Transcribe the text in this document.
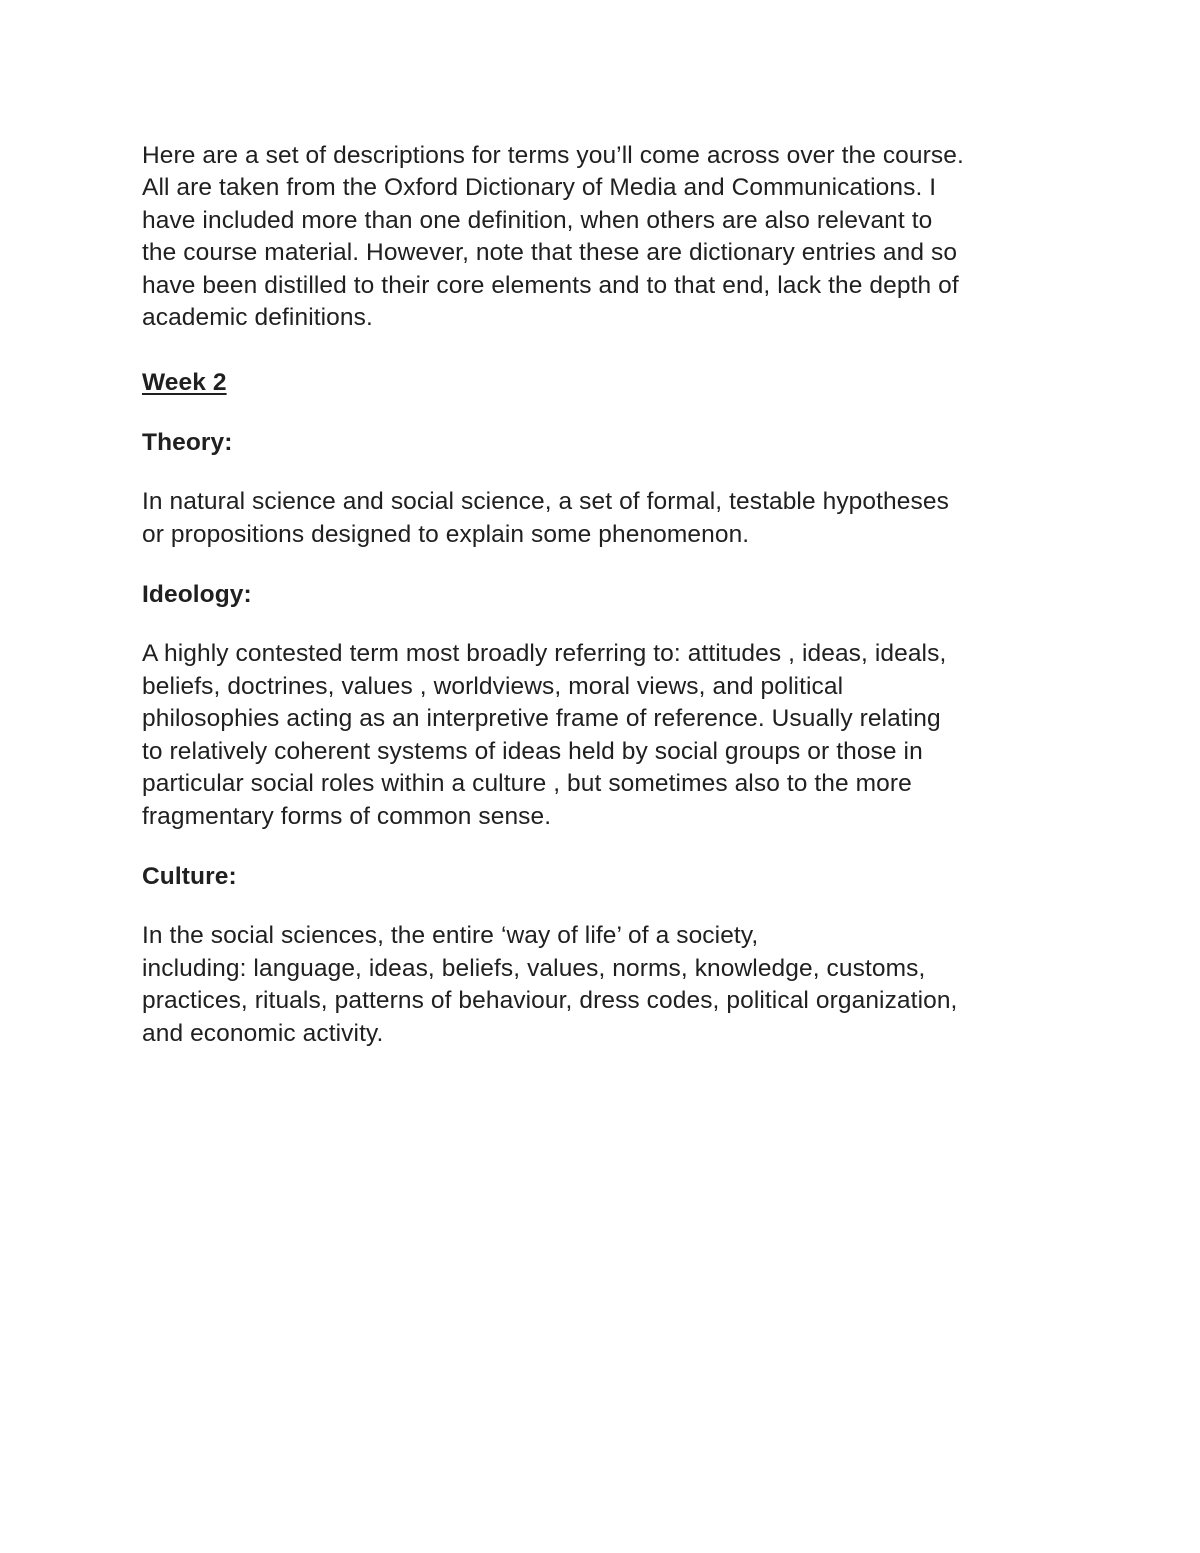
Here are a set of descriptions for terms you’ll come across over the course.
All are taken from the Oxford Dictionary of Media and Communications. I
have included more than one definition, when others are also relevant to
the course material. However, note that these are dictionary entries and so
have been distilled to their core elements and to that end, lack the depth of
academic definitions.

Week 2

Theory:

In natural science and social science, a set of formal, testable hypotheses
or propositions designed to explain some phenomenon.

Ideology:

A highly contested term most broadly referring to: attitudes , ideas, ideals,
beliefs, doctrines, values , worldviews, moral views, and political
philosophies acting as an interpretive frame of reference. Usually relating
to relatively coherent systems of ideas held by social groups or those in
particular social roles within a culture , but sometimes also to the more
fragmentary forms of common sense.

Culture:

In the social sciences, the entire ‘way of life’ of a society,
including: language, ideas, beliefs, values, norms, knowledge, customs,
practices, rituals, patterns of behaviour, dress codes, political organization,
and economic activity.
